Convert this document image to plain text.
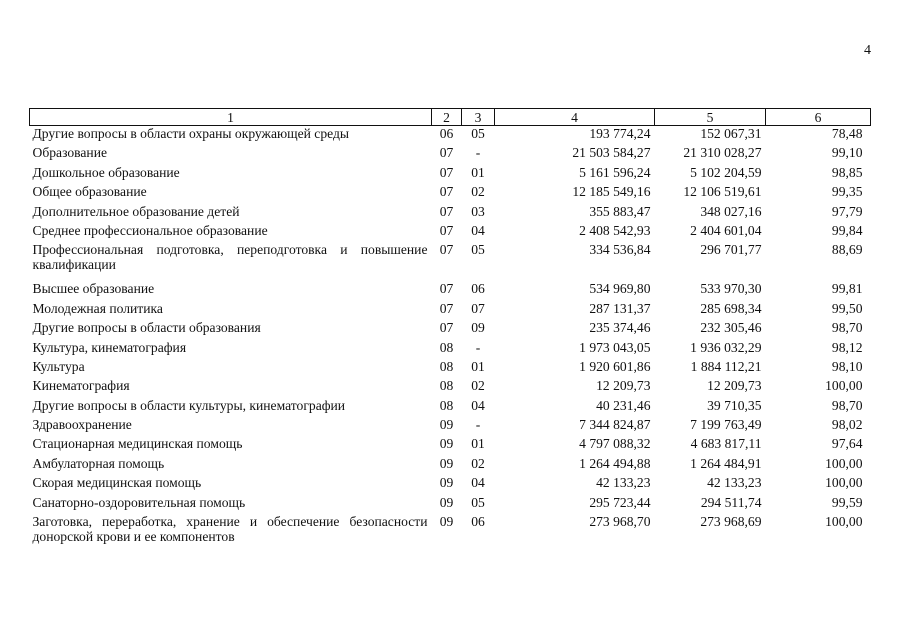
4
1	2	3	4	5	6
Другие вопросы в области охраны окружающей среды	06	05	193 774,24	152 067,31	78,48
Образование	07	-	21 503 584,27	21 310 028,27	99,10
Дошкольное образование	07	01	5 161 596,24	5 102 204,59	98,85
Общее образование	07	02	12 185 549,16	12 106 519,61	99,35
Дополнительное образование детей	07	03	355 883,47	348 027,16	97,79
Среднее профессиональное образование	07	04	2 408 542,93	2 404 601,04	99,84
Профессиональная подготовка, переподготовка и повышение квалификации	07	05	334 536,84	296 701,77	88,69
Высшее образование	07	06	534 969,80	533 970,30	99,81
Молодежная политика	07	07	287 131,37	285 698,34	99,50
Другие вопросы в области образования	07	09	235 374,46	232 305,46	98,70
Культура, кинематография	08	-	1 973 043,05	1 936 032,29	98,12
Культура	08	01	1 920 601,86	1 884 112,21	98,10
Кинематография	08	02	12 209,73	12 209,73	100,00
Другие вопросы в области культуры, кинематографии	08	04	40 231,46	39 710,35	98,70
Здравоохранение	09	-	7 344 824,87	7 199 763,49	98,02
Стационарная медицинская помощь	09	01	4 797 088,32	4 683 817,11	97,64
Амбулаторная помощь	09	02	1 264 494,88	1 264 484,91	100,00
Скорая медицинская помощь	09	04	42 133,23	42 133,23	100,00
Санаторно-оздоровительная помощь	09	05	295 723,44	294 511,74	99,59
Заготовка, переработка, хранение и обеспечение безопасности донорской крови и ее компонентов	09	06	273 968,70	273 968,69	100,00
